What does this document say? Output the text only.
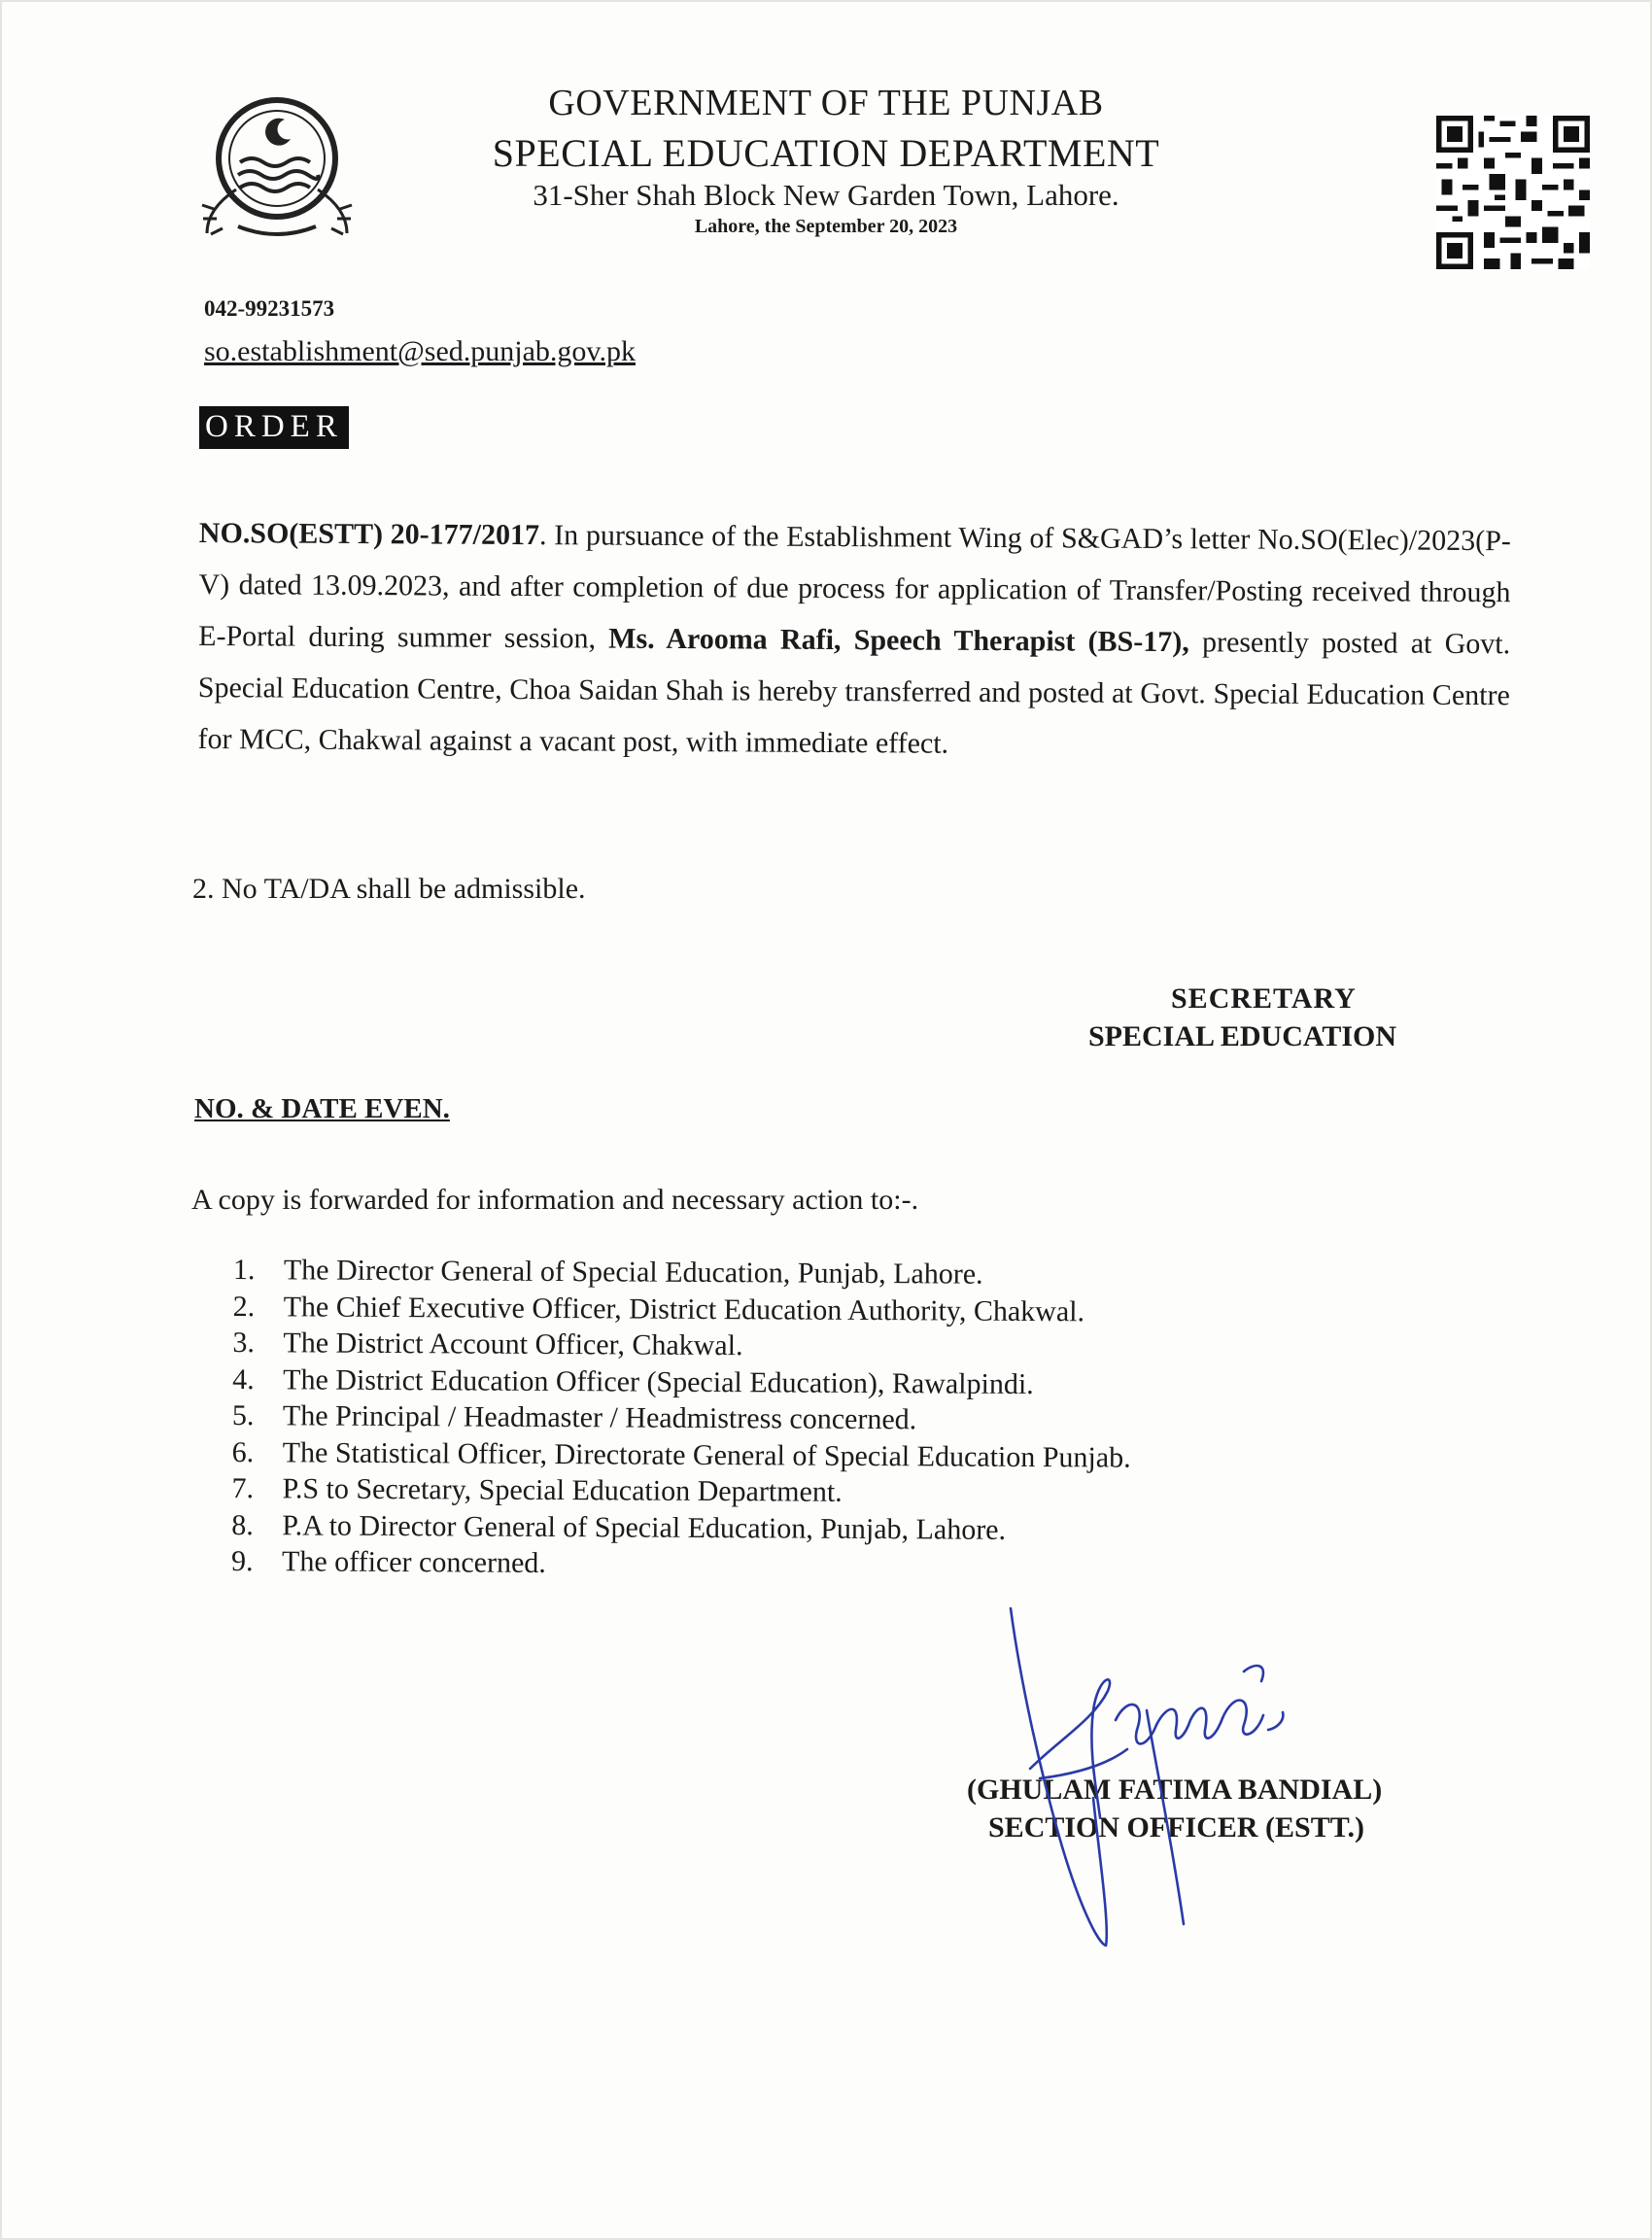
GOVERNMENT OF THE PUNJAB
SPECIAL EDUCATION DEPARTMENT
31-Sher Shah Block New Garden Town, Lahore.
Lahore, the September 20, 2023
042-99231573
so.establishment@sed.punjab.gov.pk
ORDER
NO.SO(ESTT) 20-177/2017. In pursuance of the Establishment Wing of S&GAD’s letter No.SO(Elec)/2023(P-V) dated 13.09.2023, and after completion of due process for application of Transfer/Posting received through E-Portal during summer session, Ms. Arooma Rafi, Speech Therapist (BS-17), presently posted at Govt. Special Education Centre, Choa Saidan Shah is hereby transferred and posted at Govt. Special Education Centre for MCC, Chakwal against a vacant post, with immediate effect.
2. No TA/DA shall be admissible.
SECRETARY
SPECIAL EDUCATION
NO. & DATE EVEN.
A copy is forwarded for information and necessary action to:-.
1. The Director General of Special Education, Punjab, Lahore.
2. The Chief Executive Officer, District Education Authority, Chakwal.
3. The District Account Officer, Chakwal.
4. The District Education Officer (Special Education), Rawalpindi.
5. The Principal / Headmaster / Headmistress concerned.
6. The Statistical Officer, Directorate General of Special Education Punjab.
7. P.S to Secretary, Special Education Department.
8. P.A to Director General of Special Education, Punjab, Lahore.
9. The officer concerned.
(GHULAM FATIMA BANDIAL)
SECTION OFFICER (ESTT.)
